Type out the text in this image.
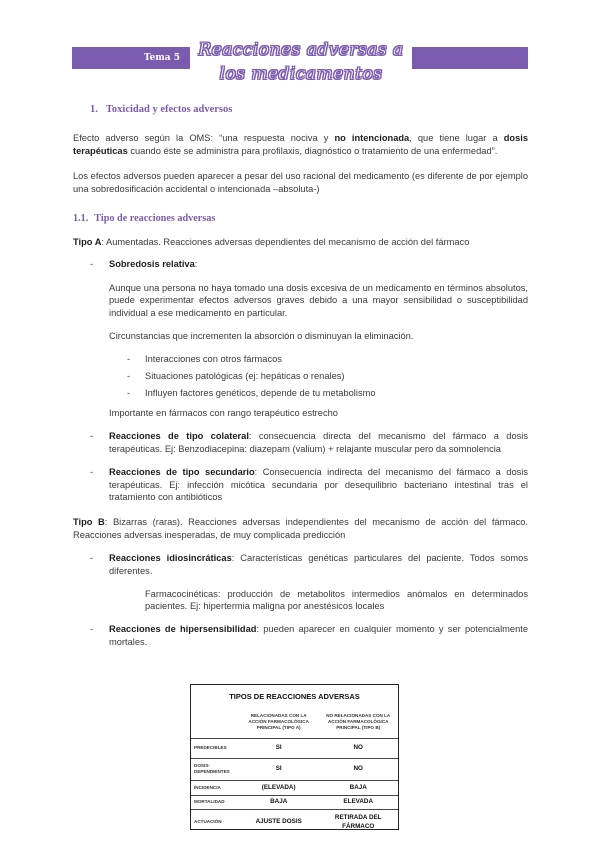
Tema 5	Reacciones adversas a
los medicamentos
1. Toxicidad y efectos adversos

Efecto adverso según la OMS: “una respuesta nociva y no intencionada, que tiene lugar a dosis terapéuticas cuando éste se administra para profilaxis, diagnóstico o tratamiento de una enfermedad”.

Los efectos adversos pueden aparecer a pesar del uso racional del medicamento (es diferente de por ejemplo una sobredosificación accidental o intencionada –absoluta-)

1.1. Tipo de reacciones adversas

Tipo A: Aumentadas. Reacciones adversas dependientes del mecanismo de acción del fármaco

- Sobredosis relativa:
Aunque una persona no haya tomado una dosis excesiva de un medicamento en términos absolutos, puede experimentar efectos adversos graves debido a una mayor sensibilidad o susceptibilidad individual a ese medicamento en particular.
Circunstancias que incrementen la absorción o disminuyan la eliminación.
- Interacciones con otros fármacos
- Situaciones patológicas (ej: hepáticas o renales)
- Influyen factores genéticos, depende de tu metabolismo
Importante en fármacos con rango terapéutico estrecho
- Reacciones de tipo colateral: consecuencia directa del mecanismo del fármaco a dosis terapéuticas. Ej: Benzodiacepina: diazepam (valium) + relajante muscular pero da somnolencia
- Reacciones de tipo secundario: Consecuencia indirecta del mecanismo del fármaco a dosis terapéuticas. Ej: infección micótica secundaria por desequilibrio bacteriano intestinal tras el tratamiento con antibióticos

Tipo B: Bizarras (raras). Reacciones adversas independientes del mecanismo de acción del fármaco. Reacciones adversas inesperadas, de muy complicada predicción

- Reacciones idiosincráticas: Características genéticas particulares del paciente. Todos somos diferentes.
Farmacocinéticas: producción de metabolitos intermedios anómalos en determinados pacientes. Ej: hipertermia maligna por anestésicos locales
- Reacciones de hipersensibilidad: pueden aparecer en cualquier momento y ser potencialmente mortales.
TIPOS DE REACCIONES ADVERSAS
	RELACIONADAS CON LA ACCIÓN FARMACOLÓGICA PRINCIPAL (TIPO A)	NO RELACIONADAS CON LA ACCIÓN FARMACOLÓGICA PRINCIPAL (TIPO B)
PREDECIBLES	SI	NO
DOSIS-DEPENDIENTES	SI	NO
INCIDENCIA	(ELEVADA)	BAJA
MORTALIDAD	BAJA	ELEVADA
ACTUACIÓN	AJUSTE DOSIS	RETIRADA DEL FÁRMACO
